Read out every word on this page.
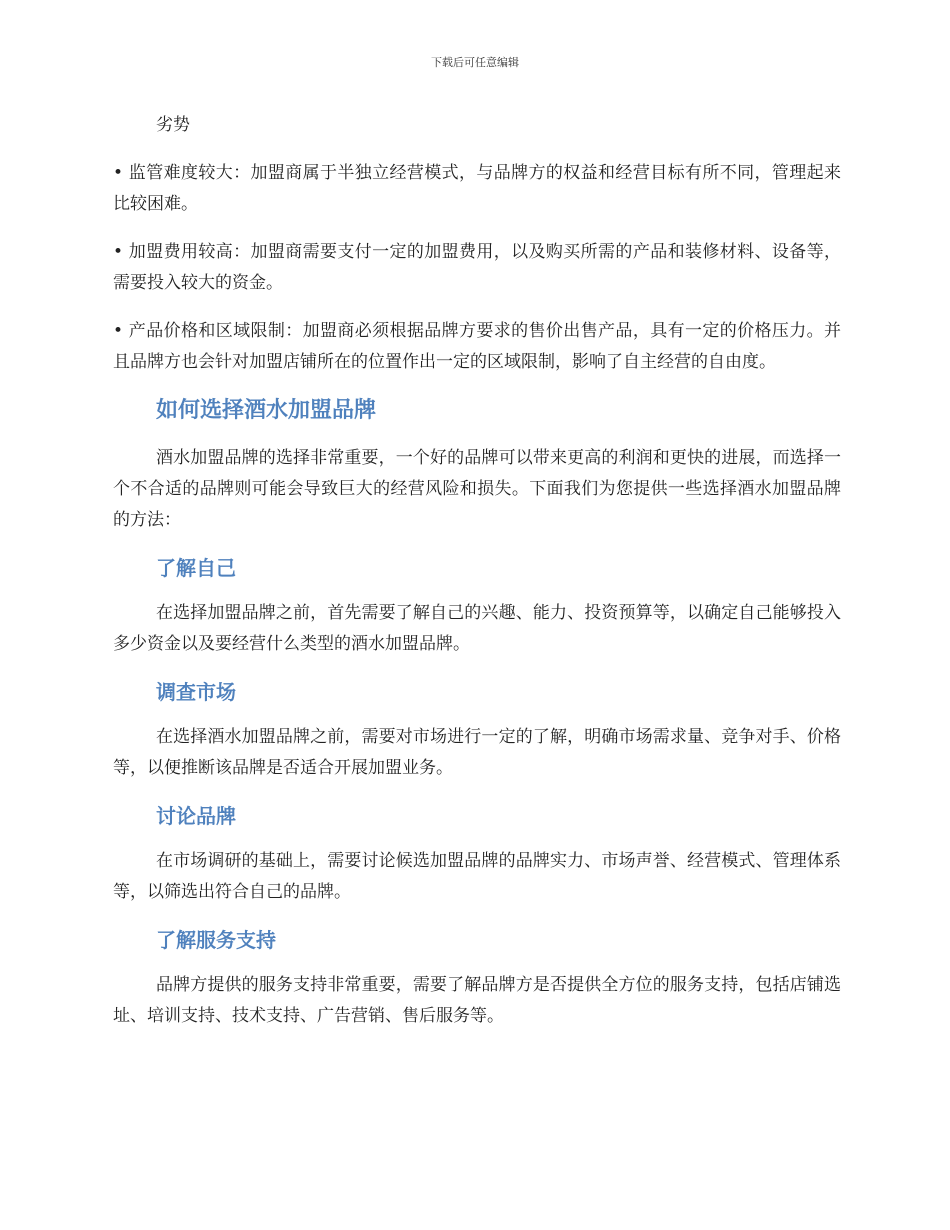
下载后可任意编辑

劣势

• 监管难度较大：加盟商属于半独立经营模式，与品牌方的权益和经营目标有所不同，管理起来比较困难。

• 加盟费用较高：加盟商需要支付一定的加盟费用，以及购买所需的产品和装修材料、设备等，需要投入较大的资金。

• 产品价格和区域限制：加盟商必须根据品牌方要求的售价出售产品，具有一定的价格压力。并且品牌方也会针对加盟店铺所在的位置作出一定的区域限制，影响了自主经营的自由度。

如何选择酒水加盟品牌

酒水加盟品牌的选择非常重要，一个好的品牌可以带来更高的利润和更快的进展，而选择一个不合适的品牌则可能会导致巨大的经营风险和损失。下面我们为您提供一些选择酒水加盟品牌的方法：

了解自己

在选择加盟品牌之前，首先需要了解自己的兴趣、能力、投资预算等，以确定自己能够投入多少资金以及要经营什么类型的酒水加盟品牌。

调查市场

在选择酒水加盟品牌之前，需要对市场进行一定的了解，明确市场需求量、竞争对手、价格等，以便推断该品牌是否适合开展加盟业务。

讨论品牌

在市场调研的基础上，需要讨论候选加盟品牌的品牌实力、市场声誉、经营模式、管理体系等，以筛选出符合自己的品牌。

了解服务支持

品牌方提供的服务支持非常重要，需要了解品牌方是否提供全方位的服务支持，包括店铺选址、培训支持、技术支持、广告营销、售后服务等。
